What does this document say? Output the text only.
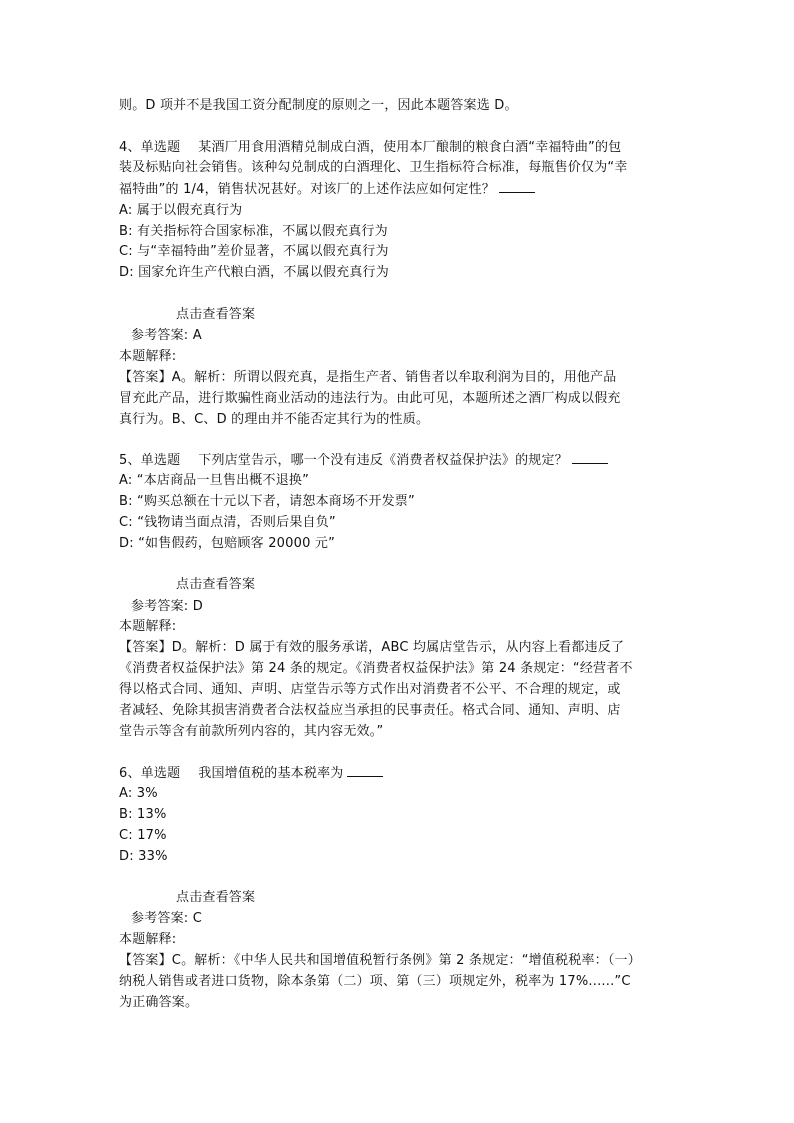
则。D 项并不是我国工资分配制度的原则之一，因此本题答案选 D。
4、单选题 某酒厂用食用酒精兑制成白酒，使用本厂酿制的粮食白酒“幸福特曲”的包
装及标贴向社会销售。该种勾兑制成的白酒理化、卫生指标符合标准，每瓶售价仅为“幸
福特曲”的 1/4，销售状况甚好。对该厂的上述作法应如何定性？
A: 属于以假充真行为
B: 有关指标符合国家标准，不属以假充真行为
C: 与“幸福特曲”差价显著，不属以假充真行为
D: 国家允许生产代粮白酒，不属以假充真行为
点击查看答案
参考答案: A
本题解释:
【答案】A。解析：所谓以假充真，是指生产者、销售者以牟取利润为目的，用他产品
冒充此产品，进行欺骗性商业活动的违法行为。由此可见，本题所述之酒厂构成以假充
真行为。B、C、D 的理由并不能否定其行为的性质。
5、单选题 下列店堂告示，哪一个没有违反《消费者权益保护法》的规定？
A: “本店商品一旦售出概不退换”
B: “购买总额在十元以下者，请恕本商场不开发票”
C: “钱物请当面点清，否则后果自负”
D: “如售假药，包赔顾客 20000 元”
点击查看答案
参考答案: D
本题解释:
【答案】D。解析：D 属于有效的服务承诺，ABC 均属店堂告示，从内容上看都违反了
《消费者权益保护法》第 24 条的规定。《消费者权益保护法》第 24 条规定：“经营者不
得以格式合同、通知、声明、店堂告示等方式作出对消费者不公平、不合理的规定，或
者减轻、免除其损害消费者合法权益应当承担的民事责任。格式合同、通知、声明、店
堂告示等含有前款所列内容的，其内容无效。”
6、单选题 我国增值税的基本税率为
A: 3%
B: 13%
C: 17%
D: 33%
点击查看答案
参考答案: C
本题解释:
【答案】C。解析：《中华人民共和国增值税暂行条例》第 2 条规定：“增值税税率：（一）
纳税人销售或者进口货物，除本条第（二）项、第（三）项规定外，税率为 17%......”C
为正确答案。
